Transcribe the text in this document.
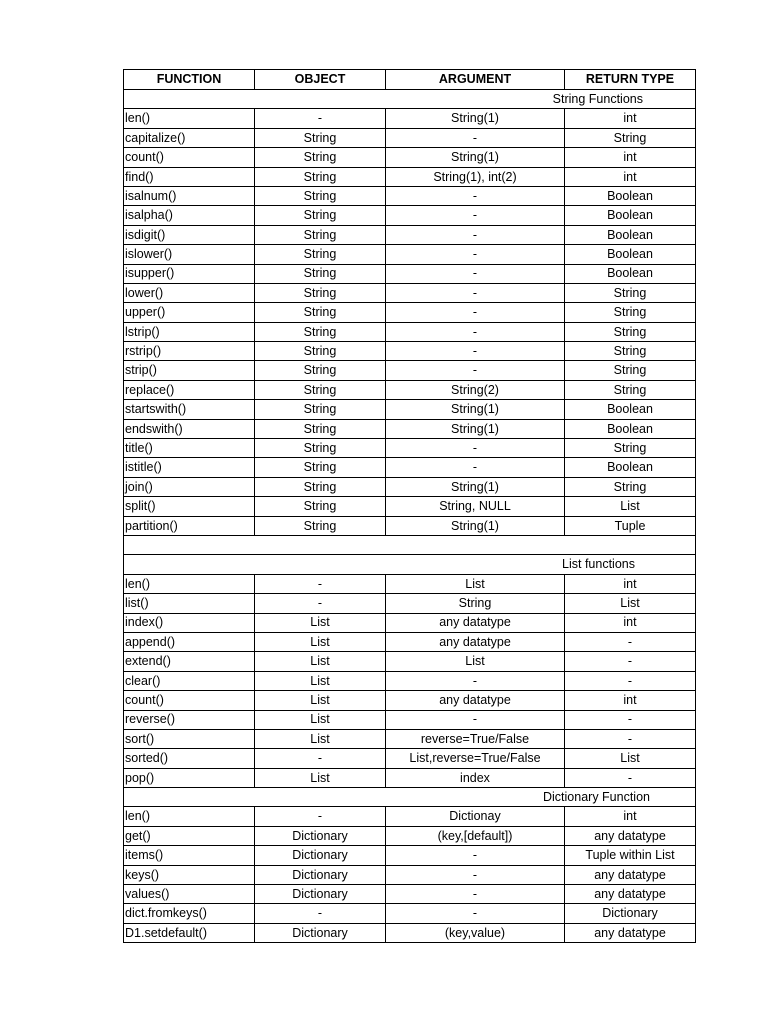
FUNCTION	OBJECT	ARGUMENT	RETURN TYPE
		String Functions	
len()	-	String(1)	int
capitalize()	String	-	String
count()	String	String(1)	int
find()	String	String(1), int(2)	int
isalnum()	String	-	Boolean
isalpha()	String	-	Boolean
isdigit()	String	-	Boolean
islower()	String	-	Boolean
isupper()	String	-	Boolean
lower()	String	-	String
upper()	String	-	String
lstrip()	String	-	String
rstrip()	String	-	String
strip()	String	-	String
replace()	String	String(2)	String
startswith()	String	String(1)	Boolean
endswith()	String	String(1)	Boolean
title()	String	-	String
istitle()	String	-	Boolean
join()	String	String(1)	String
split()	String	String, NULL	List
partition()	String	String(1)	Tuple

		List functions	
len()	-	List	int
list()	-	String	List
index()	List	any datatype	int
append()	List	any datatype	-
extend()	List	List	-
clear()	List	-	-
count()	List	any datatype	int
reverse()	List	-	-
sort()	List	reverse=True/False	-
sorted()	-	List,reverse=True/False	List
pop()	List	index	-
		Dictionary Function	
len()	-	Dictionay	int
get()	Dictionary	(key,[default])	any datatype
items()	Dictionary	-	Tuple within List
keys()	Dictionary	-	any datatype
values()	Dictionary	-	any datatype
dict.fromkeys()	-	-	Dictionary
D1.setdefault()	Dictionary	(key,value)	any datatype
